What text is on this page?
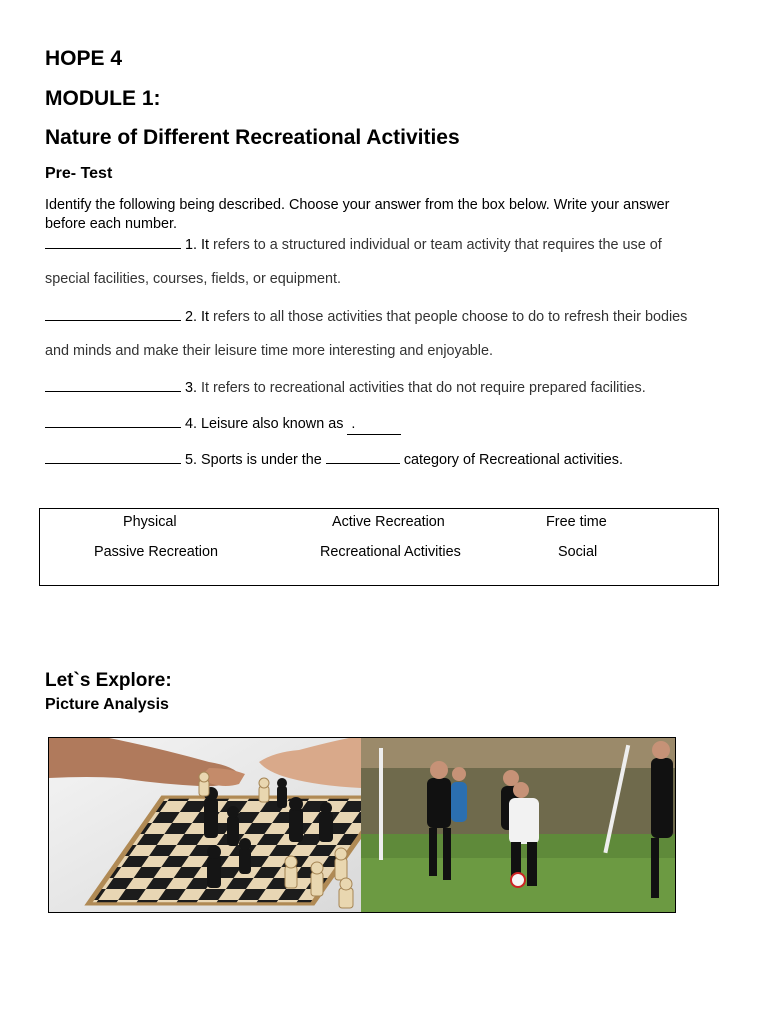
HOPE 4
MODULE 1:
Nature of Different Recreational Activities
Pre- Test

Identify the following being described. Choose your answer from the box below. Write your answer before each number.

1. It refers to a structured individual or team activity that requires the use of
special facilities, courses, fields, or equipment.
2. It refers to all those activities that people choose to do to refresh their bodies
and minds and make their leisure time more interesting and enjoyable.
3. It refers to recreational activities that do not require prepared facilities.
4. Leisure also known as .
5. Sports is under the	category of Recreational activities.
Physical	Active Recreation	Free time
Passive Recreation	Recreational Activities	Social
Let`s Explore:
Picture Analysis
